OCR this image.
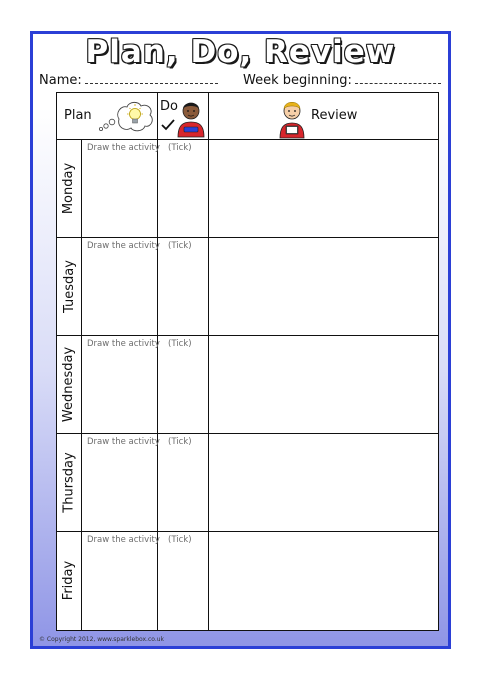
Plan, Do, Review
Name:	Week beginning:
Plan
Do
Review
Monday
Tuesday
Wednesday
Thursday
Friday
Draw the activity (Tick)
Draw the activity (Tick)
Draw the activity (Tick)
Draw the activity (Tick)
Draw the activity (Tick)
© Copyright 2012, www.sparklebox.co.uk
